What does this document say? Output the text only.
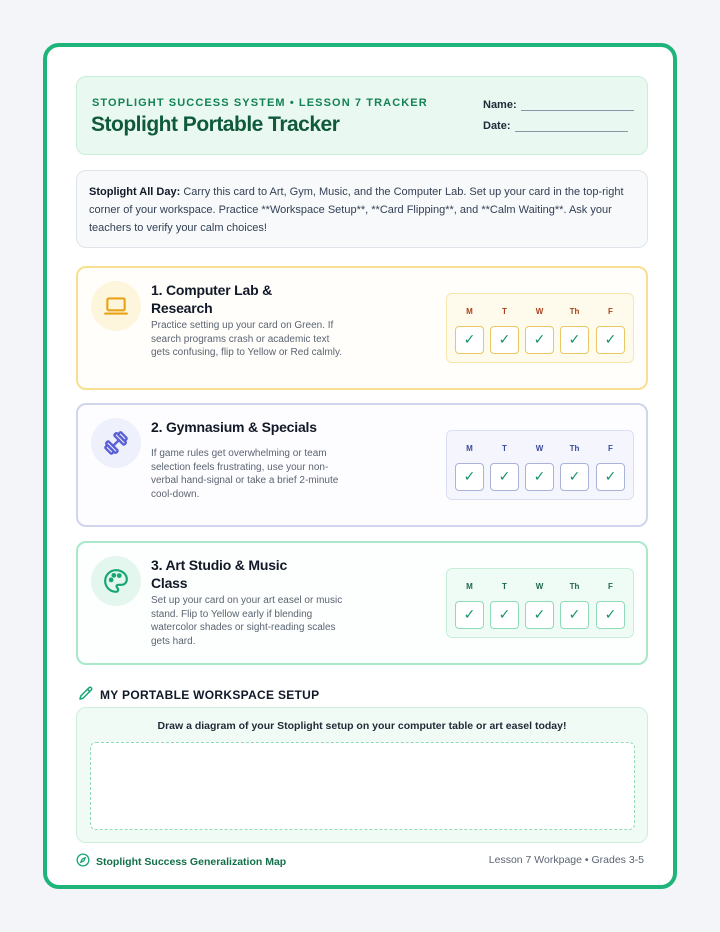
STOPLIGHT SUCCESS SYSTEM • LESSON 7 TRACKER
Stoplight Portable Tracker
Name:
Date:
Stoplight All Day: Carry this card to Art, Gym, Music, and the Computer Lab. Set up your card in the top-right corner of your workspace. Practice **Workspace Setup**, **Card Flipping**, and **Calm Waiting**. Ask your teachers to verify your calm choices!
1. Computer Lab & Research
Practice setting up your card on Green. If search programs crash or academic text gets confusing, flip to Yellow or Red calmly.
M	T	W	Th	F
✓	✓	✓	✓	✓
2. Gymnasium & Specials
If game rules get overwhelming or team selection feels frustrating, use your non-verbal hand-signal or take a brief 2-minute cool-down.
M	T	W	Th	F
✓	✓	✓	✓	✓
3. Art Studio & Music Class
Set up your card on your art easel or music stand. Flip to Yellow early if blending watercolor shades or sight-reading scales gets hard.
M	T	W	Th	F
✓	✓	✓	✓	✓
MY PORTABLE WORKSPACE SETUP
Draw a diagram of your Stoplight setup on your computer table or art easel today!
Stoplight Success Generalization Map	Lesson 7 Workpage • Grades 3-5
